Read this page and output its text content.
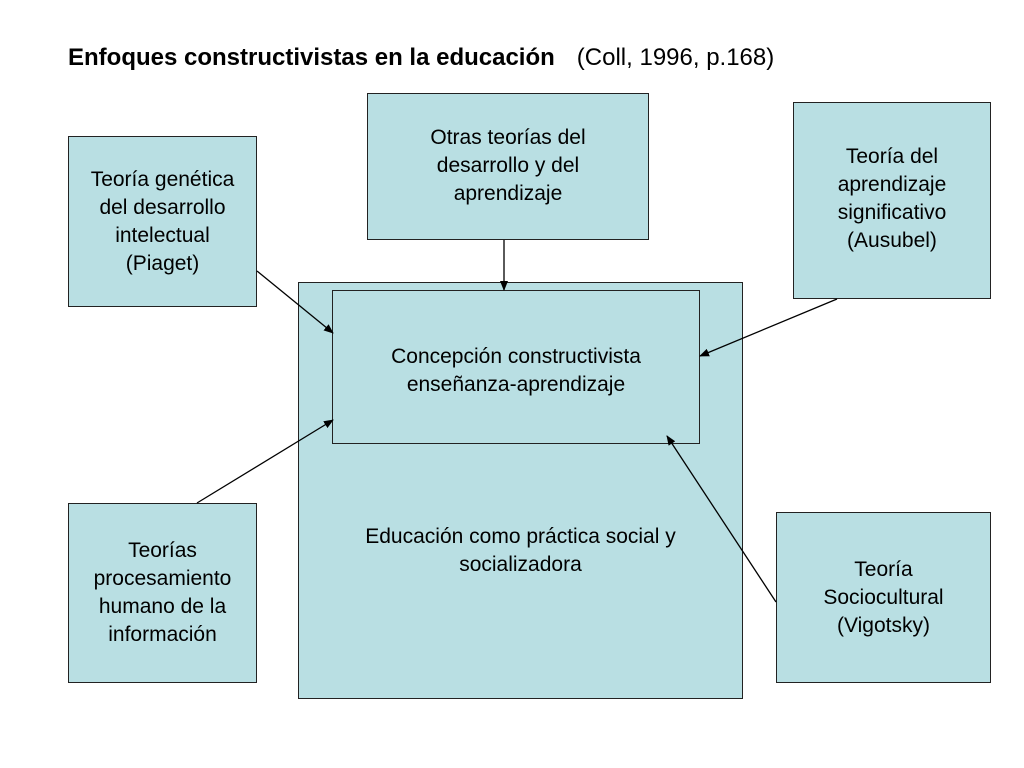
Enfoques constructivistas en la educación (Coll, 1996, p.168)
Educación como práctica social y
socializadora
Concepción constructivista
enseñanza-aprendizaje
Teoría genética
del desarrollo
intelectual
(Piaget)
Otras teorías del
desarrollo y del
aprendizaje
Teoría del
aprendizaje
significativo
(Ausubel)
Teorías
procesamiento
humano de la
información
Teoría
Sociocultural
(Vigotsky)
